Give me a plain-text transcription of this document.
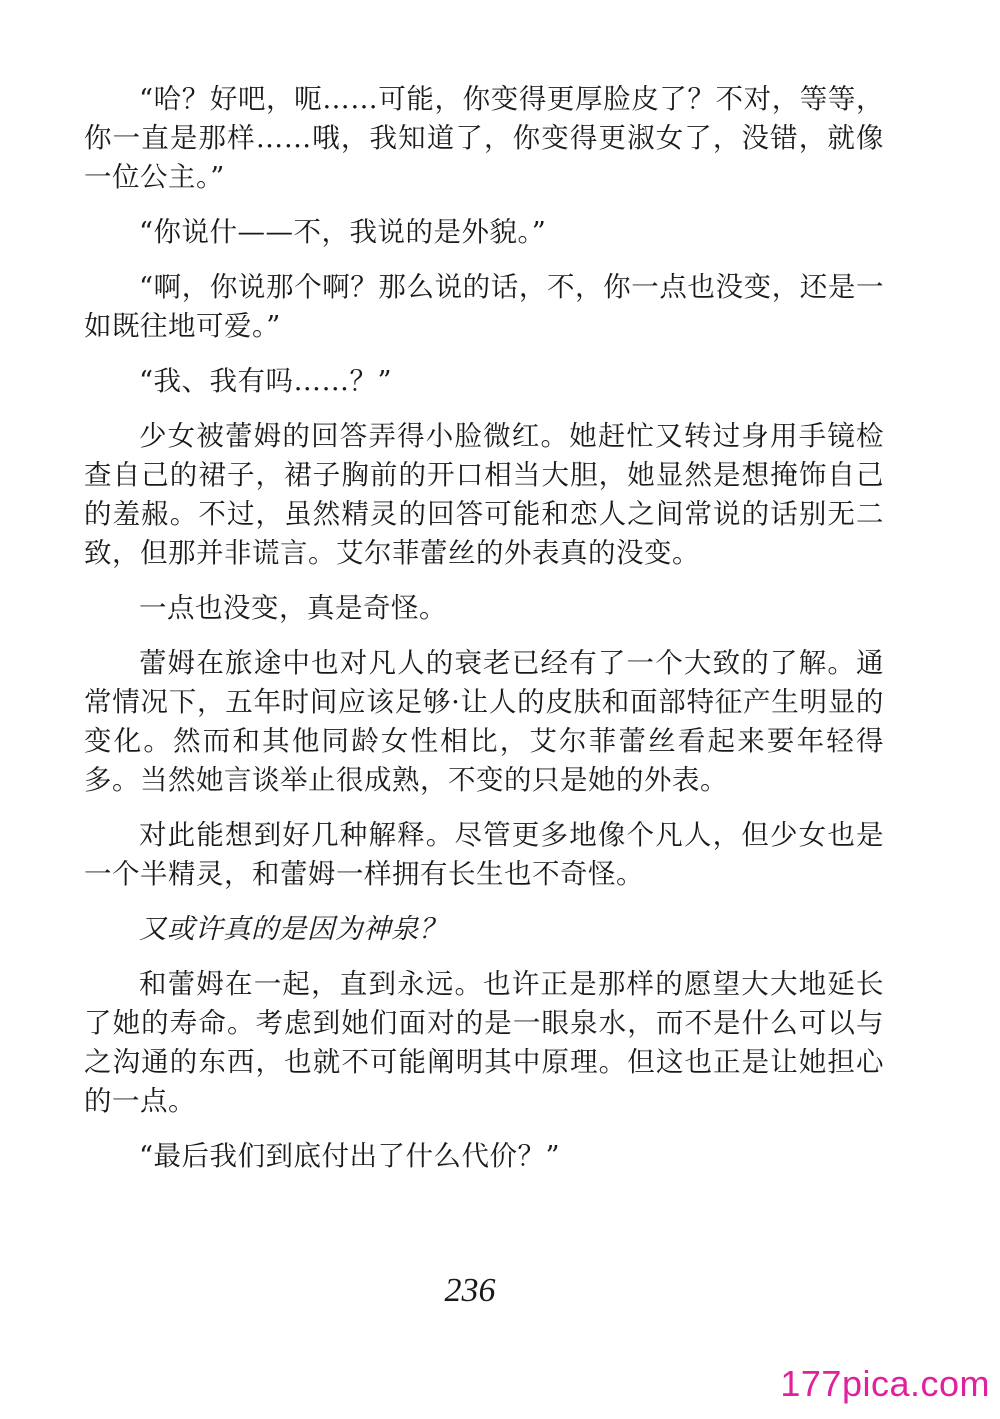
“哈？好吧，呃……可能，你变得更厚脸皮了？不对，等等，你一直是那样……哦，我知道了，你变得更淑女了，没错，就像一位公主。”

“你说什——不，我说的是外貌。”

“啊，你说那个啊？那么说的话，不，你一点也没变，还是一如既往地可爱。”

“我、我有吗……？”

少女被蕾姆的回答弄得小脸微红。她赶忙又转过身用手镜检查自己的裙子，裙子胸前的开口相当大胆，她显然是想掩饰自己的羞赧。不过，虽然精灵的回答可能和恋人之间常说的话别无二致，但那并非谎言。艾尔菲蕾丝的外表真的没变。

一点也没变，真是奇怪。

蕾姆在旅途中也对凡人的衰老已经有了一个大致的了解。通常情况下，五年时间应该足够·让人的皮肤和面部特征产生明显的变化。然而和其他同龄女性相比，艾尔菲蕾丝看起来要年轻得多。当然她言谈举止很成熟，不变的只是她的外表。

对此能想到好几种解释。尽管更多地像个凡人，但少女也是一个半精灵，和蕾姆一样拥有长生也不奇怪。

又或许真的是因为神泉？

和蕾姆在一起，直到永远。也许正是那样的愿望大大地延长了她的寿命。考虑到她们面对的是一眼泉水，而不是什么可以与之沟通的东西，也就不可能阐明其中原理。但这也正是让她担心的一点。

“最后我们到底付出了什么代价？”

236
177pica.com
